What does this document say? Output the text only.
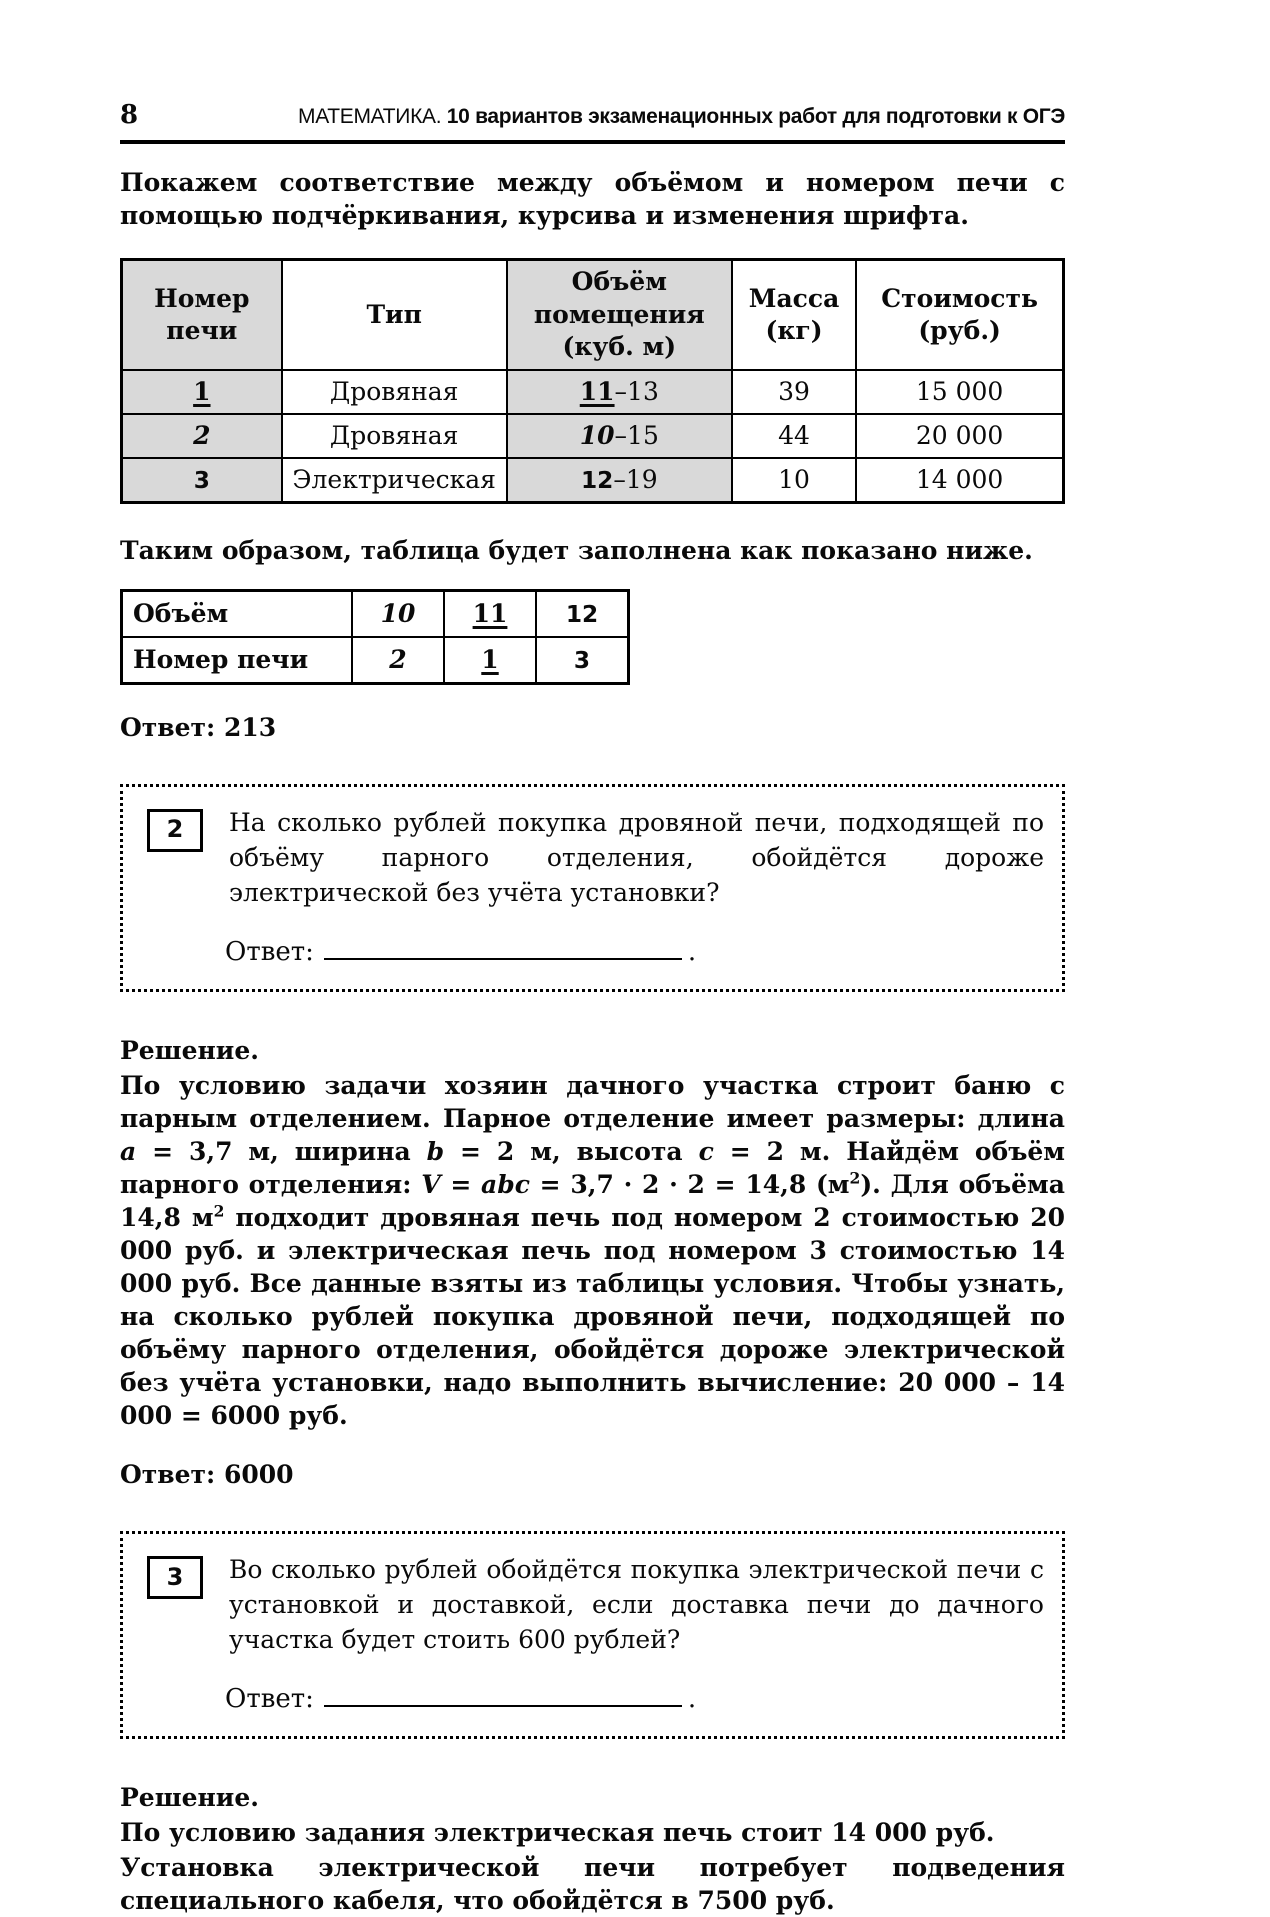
8	МАТЕМАТИКА. 10 вариантов экзаменационных работ для подготовки к ОГЭ

Покажем соответствие между объёмом и номером печи с помощью подчёркивания, курсива и изменения шрифта.

Номер печи	Тип	Объём помещения (куб. м)	Масса (кг)	Стоимость (руб.)
1	Дровяная	11–13	39	15 000
2	Дровяная	10–15	44	20 000
3	Электрическая	12–19	10	14 000

Таким образом, таблица будет заполнена как показано ниже.

Объём	10	11	12
Номер печи	2	1	3

Ответ: 213

2 На сколько рублей покупка дровяной печи, подходящей по объёму парного отделения, обойдётся дороже электрической без учёта установки?
Ответ:	.

Решение.

По условию задачи хозяин дачного участка строит баню с парным отделением. Парное отделение имеет размеры: длина a = 3,7 м, ширина b = 2 м, высота c = 2 м. Найдём объём парного отделения: V = abc = 3,7 · 2 · 2 = 14,8 $(м^2)$. Для объёма 14,8 $м^2$ подходит дровяная печь под номером 2 стоимостью 20 000 руб. и электрическая печь под номером 3 стоимостью 14 000 руб. Все данные взяты из таблицы условия. Чтобы узнать, на сколько рублей покупка дровяной печи, подходящей по объёму парного отделения, обойдётся дороже электрической без учёта установки, надо выполнить вычисление: 20 000 – 14 000 = 6000 руб.

Ответ: 6000

3 Во сколько рублей обойдётся покупка электрической печи с установкой и доставкой, если доставка печи до дачного участка будет стоить 600 рублей?
Ответ:	.

Решение.

По условию задания электрическая печь стоит 14 000 руб.

Установка электрической печи потребует подведения специального кабеля, что обойдётся в 7500 руб.
